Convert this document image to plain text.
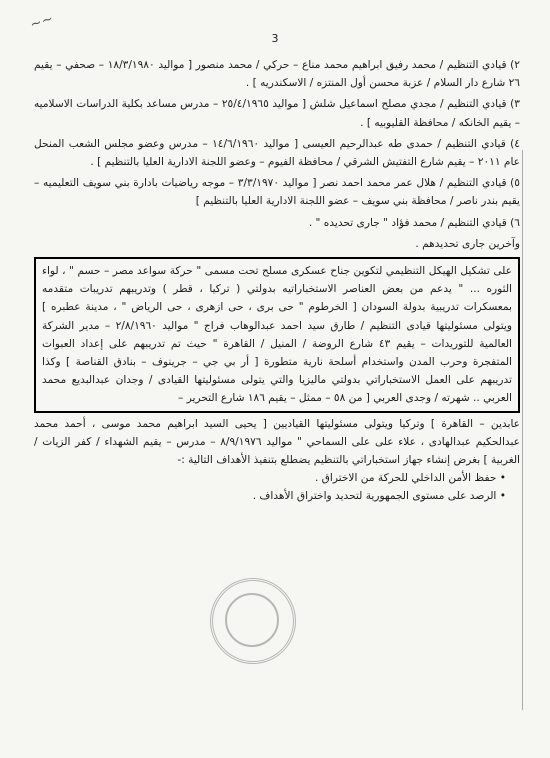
~~
3

٢) قيادي التنظيم / محمد رفيق ابراهيم محمد مناع – حركي / محمد منصور [ مواليد ١٨/٣/١٩٨٠ – صحفي – يقيم ٢٦ شارع دار السلام / عزبة محسن أول المنتزه / الاسكندريه ] .

٣) قيادي التنظيم / مجدي مصلح اسماعيل شلش [ مواليد ٢٥/٤/١٩٦٥ – مدرس مساعد بكلية الدراسات الاسلاميه – يقيم الخانكه / محافظة القليوبيه ] .

٤) قيادي التنظيم / حمدى طه عبدالرحيم العيسى [ مواليد ١٤/٦/١٩٦٠ – مدرس وعضو مجلس الشعب المنحل عام ٢٠١١ – يقيم شارع التفتيش الشرقي / محافظة الفيوم – وعضو اللجنة الادارية العليا بالتنظيم ] .

٥) قيادي التنظيم / هلال عمر محمد احمد نصر [ مواليد ٣/٣/١٩٧٠ – موجه رياضيات بادارة بني سويف التعليميه – يقيم بندر ناصر / محافظة بني سويف – عضو اللجنة الادارية العليا بالتنظيم ]

٦) قيادي التنظيم / محمد فؤاد " جارى تحديده " .

وآخرين جارى تحديدهم .

على تشكيل الهيكل التنظيمي لتكوين جناح عسكرى مسلح تحت مسمى " حركة سواعد مصر – حسم " ، لواء الثوره ... " يدعم من بعض العناصر الاستخباراتيه بدولتي ( تركيا ، قطر ) وتدريبهم تدريبات متقدمه بمعسكرات تدريبية بدولة السودان [ الخرطوم " حى برى ، حى ازهرى ، حى الرياض " ، مدينة عطبره ] ويتولى مسئوليتها قيادى التنظيم / طارق سيد احمد عبدالوهاب فراج " مواليد ٢/٨/١٩٦٠ – مدير الشركة العالمية للتوريدات – يقيم ٤٣ شارع الروضة / المنيل / القاهرة " حيث تم تدريبهم على إعداد العبوات المتفجرة وحرب المدن واستخدام أسلحة نارية متطورة [ أر بي جي – جرينوف – بنادق القناصة ] وكذا تدريبهم على العمل الاستخباراتي بدولتي ماليزيا والتي يتولى مسئوليتها القيادى / وجدان عبدالبديع محمد العربي .. شهرته / وجدى العربي [ من ٥٨ – ممثل – يقيم ١٨٦ شارع التحرير –

عابدين – القاهرة ] وتركيا ويتولى مسئوليتها القياديين [ يحيى السيد ابراهيم محمد موسى ، أحمد محمد عبدالحكيم عبدالهادى ، علاء على على السماحي " مواليد ٨/٩/١٩٧٦ – مدرس – يقيم الشهداء / كفر الزيات / الغربية ] بغرض إنشاء جهاز استخباراتي بالتنظيم يضطلع بتنفيذ الأهداف التالية :-

• حفظ الأمن الداخلي للحركة من الاختراق .
• الرصد على مستوى الجمهورية لتحديد واختراق الأهداف .
